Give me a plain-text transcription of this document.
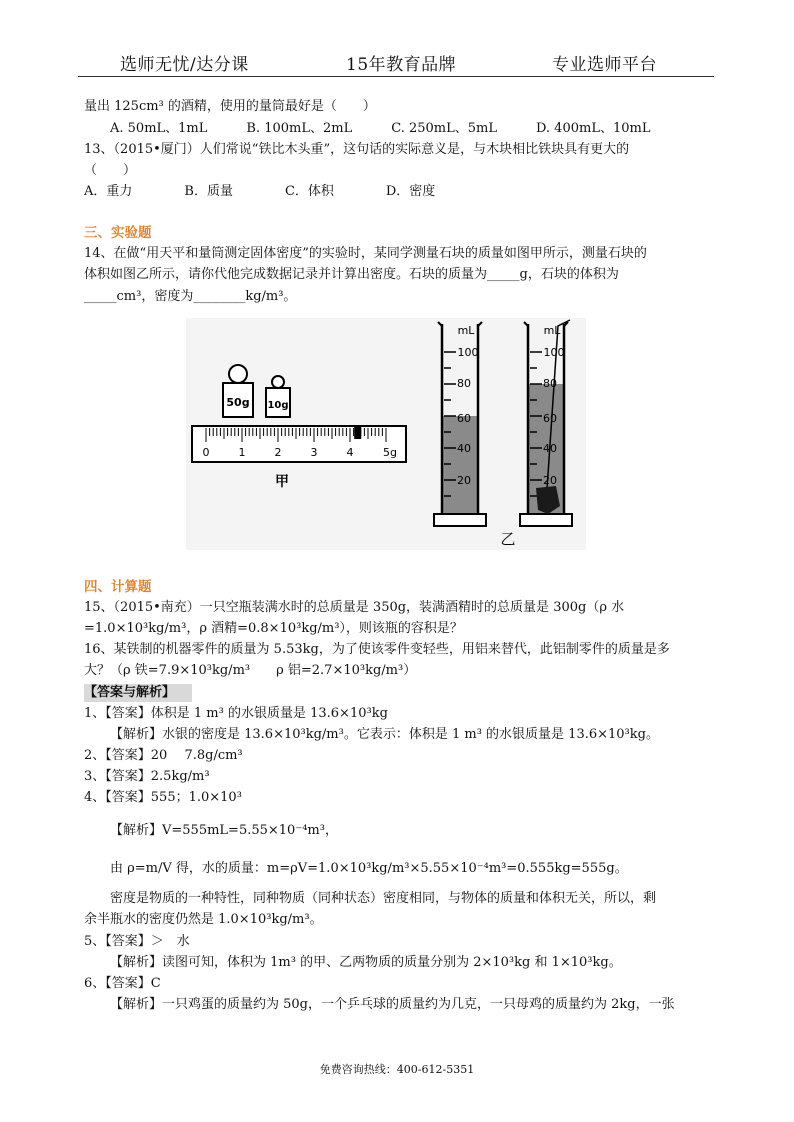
选师无忧/达分课	15年教育品牌	专业选师平台
量出 125cm³ 的酒精，使用的量筒最好是（　　）
A. 50mL、1mL　　　B. 100mL、2mL　　　C. 250mL、5mL　　　D. 400mL、10mL
13、（2015•厦门）人们常说“铁比木头重”，这句话的实际意义是，与木块相比铁块具有更大的
（　　）
A．重力　　　　B．质量　　　　C．体积　　　　D．密度
三、实验题
14、在做“用天平和量筒测定固体密度”的实验时，某同学测量石块的质量如图甲所示，测量石块的
体积如图乙所示，请你代他完成数据记录并计算出密度。石块的质量为_____g，石块的体积为
_____cm³，密度为________kg/m³。
50g 10g
0	1	2	3	4	5g
甲
mL
100
80
60
40
20
mL
100
80
60
40
20
乙
四、计算题
15、（2015•南充）一只空瓶装满水时的总质量是 350g，装满酒精时的总质量是 300g（ρ 水
=1.0×10³kg/m³，ρ 酒精=0.8×10³kg/m³），则该瓶的容积是？
16、某铁制的机器零件的质量为 5.53kg，为了使该零件变轻些，用铝来替代，此铝制零件的质量是多
大？（ρ 铁=7.9×10³kg/m³　　ρ 铝=2.7×10³kg/m³）
【答案与解析】
1、【答案】体积是 1 m³ 的水银质量是 13.6×10³kg
【解析】水银的密度是 13.6×10³kg/m³。它表示：体积是 1 m³ 的水银质量是 13.6×10³kg。
2、【答案】20　 7.8g/cm³
3、【答案】2.5kg/m³
4、【答案】555；1.0×10³
【解析】V=555mL=5.55×10⁻⁴m³，
由 ρ=m/V 得，水的质量：m=ρV=1.0×10³kg/m³×5.55×10⁻⁴m³=0.555kg=555g。
密度是物质的一种特性，同种物质（同种状态）密度相同，与物体的质量和体积无关，所以，剩
余半瓶水的密度仍然是 1.0×10³kg/m³。
5、【答案】＞　水
【解析】读图可知，体积为 1m³ 的甲、乙两物质的质量分别为 2×10³kg 和 1×10³kg。
6、【答案】C
【解析】一只鸡蛋的质量约为 50g，一个乒乓球的质量约为几克，一只母鸡的质量约为 2kg，一张
免费咨询热线：400-612-5351
